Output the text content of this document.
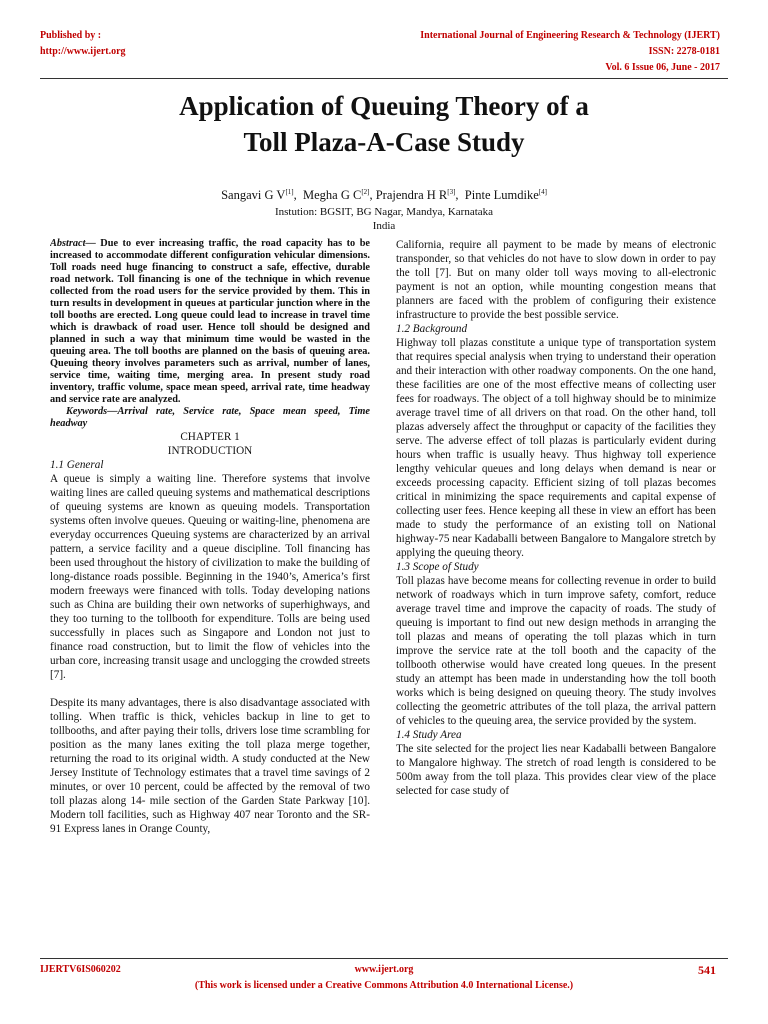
Published by :
http://www.ijert.org
International Journal of Engineering Research & Technology (IJERT)
ISSN: 2278-0181
Vol. 6 Issue 06, June - 2017
Application of Queuing Theory of a
Toll Plaza-A-Case Study
Sangavi G V[1],  Megha G C[2], Prajendra H R[3],  Pinte Lumdike[4]
Instution: BGSIT, BG Nagar, Mandya, Karnataka
India

Abstract— Due to ever increasing traffic, the road capacity has to be increased to accommodate different configuration vehicular dimensions. Toll roads need huge financing to construct a safe, effective, durable road network. Toll financing is one of the technique in which revenue collected from the road users for the service provided by them. This in turn results in development in queues at particular junction where in the toll booths are erected. Long queue could lead to increase in travel time which is drawback of road user. Hence toll should be designed and planned in such a way that minimum time would be wasted in the queuing area. The toll booths are planned on the basis of queuing area. Queuing theory involves parameters such as arrival, number of lanes, service time, waiting time, merging area. In present study road inventory, traffic volume, space mean speed, arrival rate, time headway and service rate are analyzed.

Keywords—Arrival rate, Service rate, Space mean speed, Time headway

CHAPTER 1

INTRODUCTION

1.1 General

A queue is simply a waiting line. Therefore systems that involve waiting lines are called queuing systems and mathematical descriptions of queuing systems are known as queuing models. Transportation systems often involve queues. Queuing or waiting-line, phenomena are everyday occurrences Queuing systems are characterized by an arrival pattern, a service facility and a queue discipline. Toll financing has been used throughout the history of civilization to make the building of long-distance roads possible. Beginning in the 1940’s, America’s first modern freeways were financed with tolls. Today developing nations such as China are building their own networks of superhighways, and they too turning to the tollbooth for expenditure. Tolls are being used successfully in places such as Singapore and London not just to finance road construction, but to limit the flow of vehicles into the urban core, increasing transit usage and unclogging the crowded streets [7].

Despite its many advantages, there is also disadvantage associated with tolling. When traffic is thick, vehicles backup in line to get to tollbooths, and after paying their tolls, drivers lose time scrambling for position as the many lanes exiting the toll plaza merge together, returning the road to its original width. A study conducted at the New Jersey Institute of Technology estimates that a travel time savings of 2 minutes, or over 10 percent, could be affected by the removal of two toll plazas along 14- mile section of the Garden State Parkway [10]. Modern toll facilities, such as Highway 407 near Toronto and the SR-91 Express lanes in Orange County,

California, require all payment to be made by means of electronic transponder, so that vehicles do not have to slow down in order to pay the toll [7]. But on many older toll ways moving to all-electronic payment is not an option, while mounting congestion means that planners are faced with the problem of configuring their existence infrastructure to provide the best possible service.

1.2 Background

Highway toll plazas constitute a unique type of transportation system that requires special analysis when trying to understand their operation and their interaction with other roadway components. On the one hand, these facilities are one of the most effective means of collecting user fees for roadways. The object of a toll highway should be to minimize average travel time of all drivers on that road. On the other hand, toll plazas adversely affect the throughput or capacity of the facilities they serve. The adverse effect of toll plazas is particularly evident during hours when traffic is usually heavy. Thus highway toll experience lengthy vehicular queues and long delays when demand is near or exceeds processing capacity. Efficient sizing of toll plazas becomes critical in minimizing the space requirements and capital expense of collecting user fees. Hence keeping all these in view an effort has been made to study the performance of an existing toll on National highway-75 near Kadaballi between Bangalore to Mangalore stretch by applying the queuing theory.

1.3 Scope of Study

Toll plazas have become means for collecting revenue in order to build network of roadways which in turn improve safety, comfort, reduce average travel time and improve the capacity of roads. The study of queuing is important to find out new design methods in arranging the toll plazas and means of operating the toll plazas which in turn improve the service rate at the toll booth and the capacity of the tollbooth otherwise would have created long queues. In the present study an attempt has been made in understanding how the toll booth works which is being designed on queuing theory. The study involves collecting the geometric attributes of the toll plaza, the arrival pattern of vehicles to the queuing area, the service provided by the system.

1.4 Study Area

The site selected for the project lies near Kadaballi between Bangalore to Mangalore highway. The stretch of road length is considered to be 500m away from the toll plaza. This provides clear view of the place selected for case study of

IJERTV6IS060202	www.ijert.org	541
(This work is licensed under a Creative Commons Attribution 4.0 International License.)
